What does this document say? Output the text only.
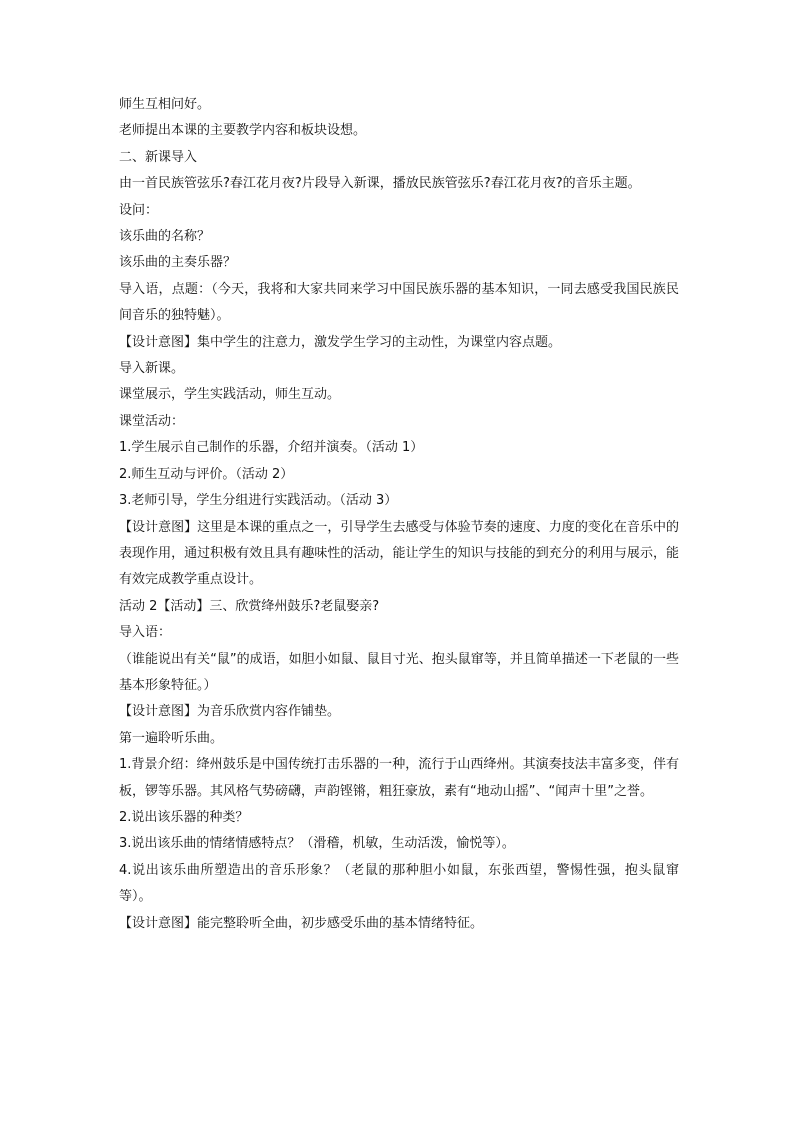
师生互相问好。

老师提出本课的主要教学内容和板块设想。

二、新课导入

由一首民族管弦乐?春江花月夜?片段导入新课，播放民族管弦乐?春江花月夜?的音乐主题。

设问：

该乐曲的名称？

该乐曲的主奏乐器？

导入语，点题：（今天，我将和大家共同来学习中国民族乐器的基本知识，一同去感受我国民族民间音乐的独特魅）。

【设计意图】集中学生的注意力，激发学生学习的主动性，为课堂内容点题。

导入新课。

课堂展示，学生实践活动，师生互动。

课堂活动：

1.学生展示自己制作的乐器，介绍并演奏。（活动 1）

2.师生互动与评价。（活动 2）

3.老师引导，学生分组进行实践活动。（活动 3）

【设计意图】这里是本课的重点之一，引导学生去感受与体验节奏的速度、力度的变化在音乐中的表现作用，通过积极有效且具有趣味性的活动，能让学生的知识与技能的到充分的利用与展示，能有效完成教学重点设计。

活动 2【活动】三、欣赏绛州鼓乐?老鼠娶亲?

导入语：

（谁能说出有关“鼠”的成语，如胆小如鼠、鼠目寸光、抱头鼠窜等，并且简单描述一下老鼠的一些基本形象特征。）

【设计意图】为音乐欣赏内容作铺垫。

第一遍聆听乐曲。

1.背景介绍：绛州鼓乐是中国传统打击乐器的一种，流行于山西绛州。其演奏技法丰富多变，伴有板，锣等乐器。其风格气势磅礴，声韵铿锵，粗狂豪放，素有“地动山摇”、“闻声十里”之誉。

2.说出该乐器的种类？

3.说出该乐曲的情绪情感特点？（滑稽，机敏，生动活泼，愉悦等）。

4.说出该乐曲所塑造出的音乐形象？（老鼠的那种胆小如鼠，东张西望，警惕性强，抱头鼠窜等）。

【设计意图】能完整聆听全曲，初步感受乐曲的基本情绪特征。
